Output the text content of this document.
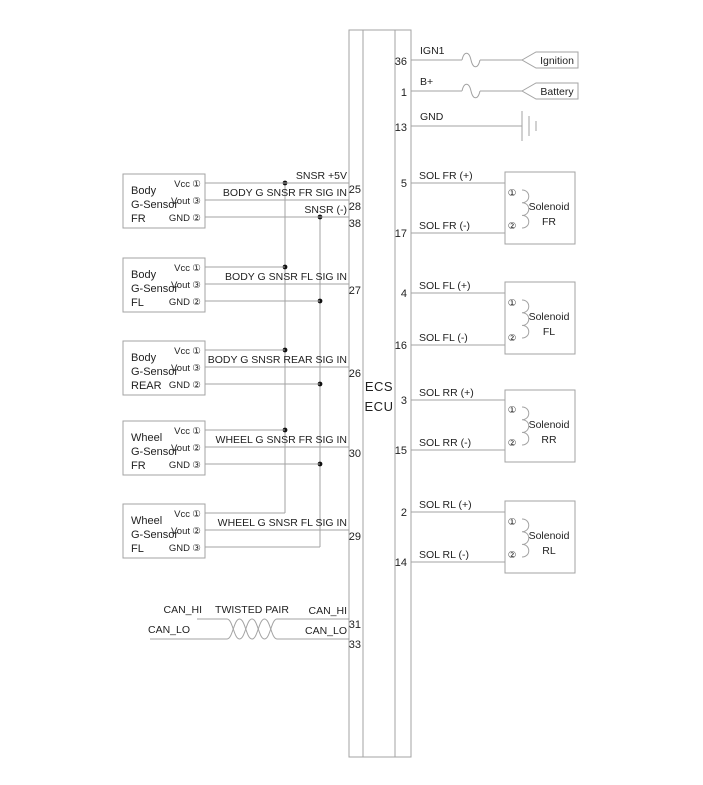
ECS
ECU
IGN1
36	Ignition
B+
1	Battery
GND
13
Body
G-Sensor
FR
Vcc ①
Vout ③
GND ②
SNSR +5V
BODY G SNSR FR SIG IN
SNSR (-)
25
28
38
Body
G-Sensor
FL
Vcc ①
Vout ③
GND ②
BODY G SNSR FL SIG IN
27
Body
G-Sensor
REAR
Vcc ①
Vout ③
GND ②
BODY G SNSR REAR SIG IN
26
Wheel
G-Sensor
FR
Vcc ①
Vout ②
GND ③
WHEEL G SNSR FR SIG IN
30
Wheel
G-Sensor
FL
Vcc ①
Vout ②
GND ③
WHEEL G SNSR FL SIG IN
29
①
②
Solenoid
FR
SOL FR (+)
SOL FR (-)
5
17
①
②
Solenoid
FL
SOL FL (+)
SOL FL (-)
4
16
①
②
Solenoid
RR
SOL RR (+)
SOL RR (-)
3
15
①
②
Solenoid
RL
SOL RL (+)
SOL RL (-)
2
14
CAN_HI
CAN_LO
TWISTED PAIR CAN_HI
CAN_LO 31
33
